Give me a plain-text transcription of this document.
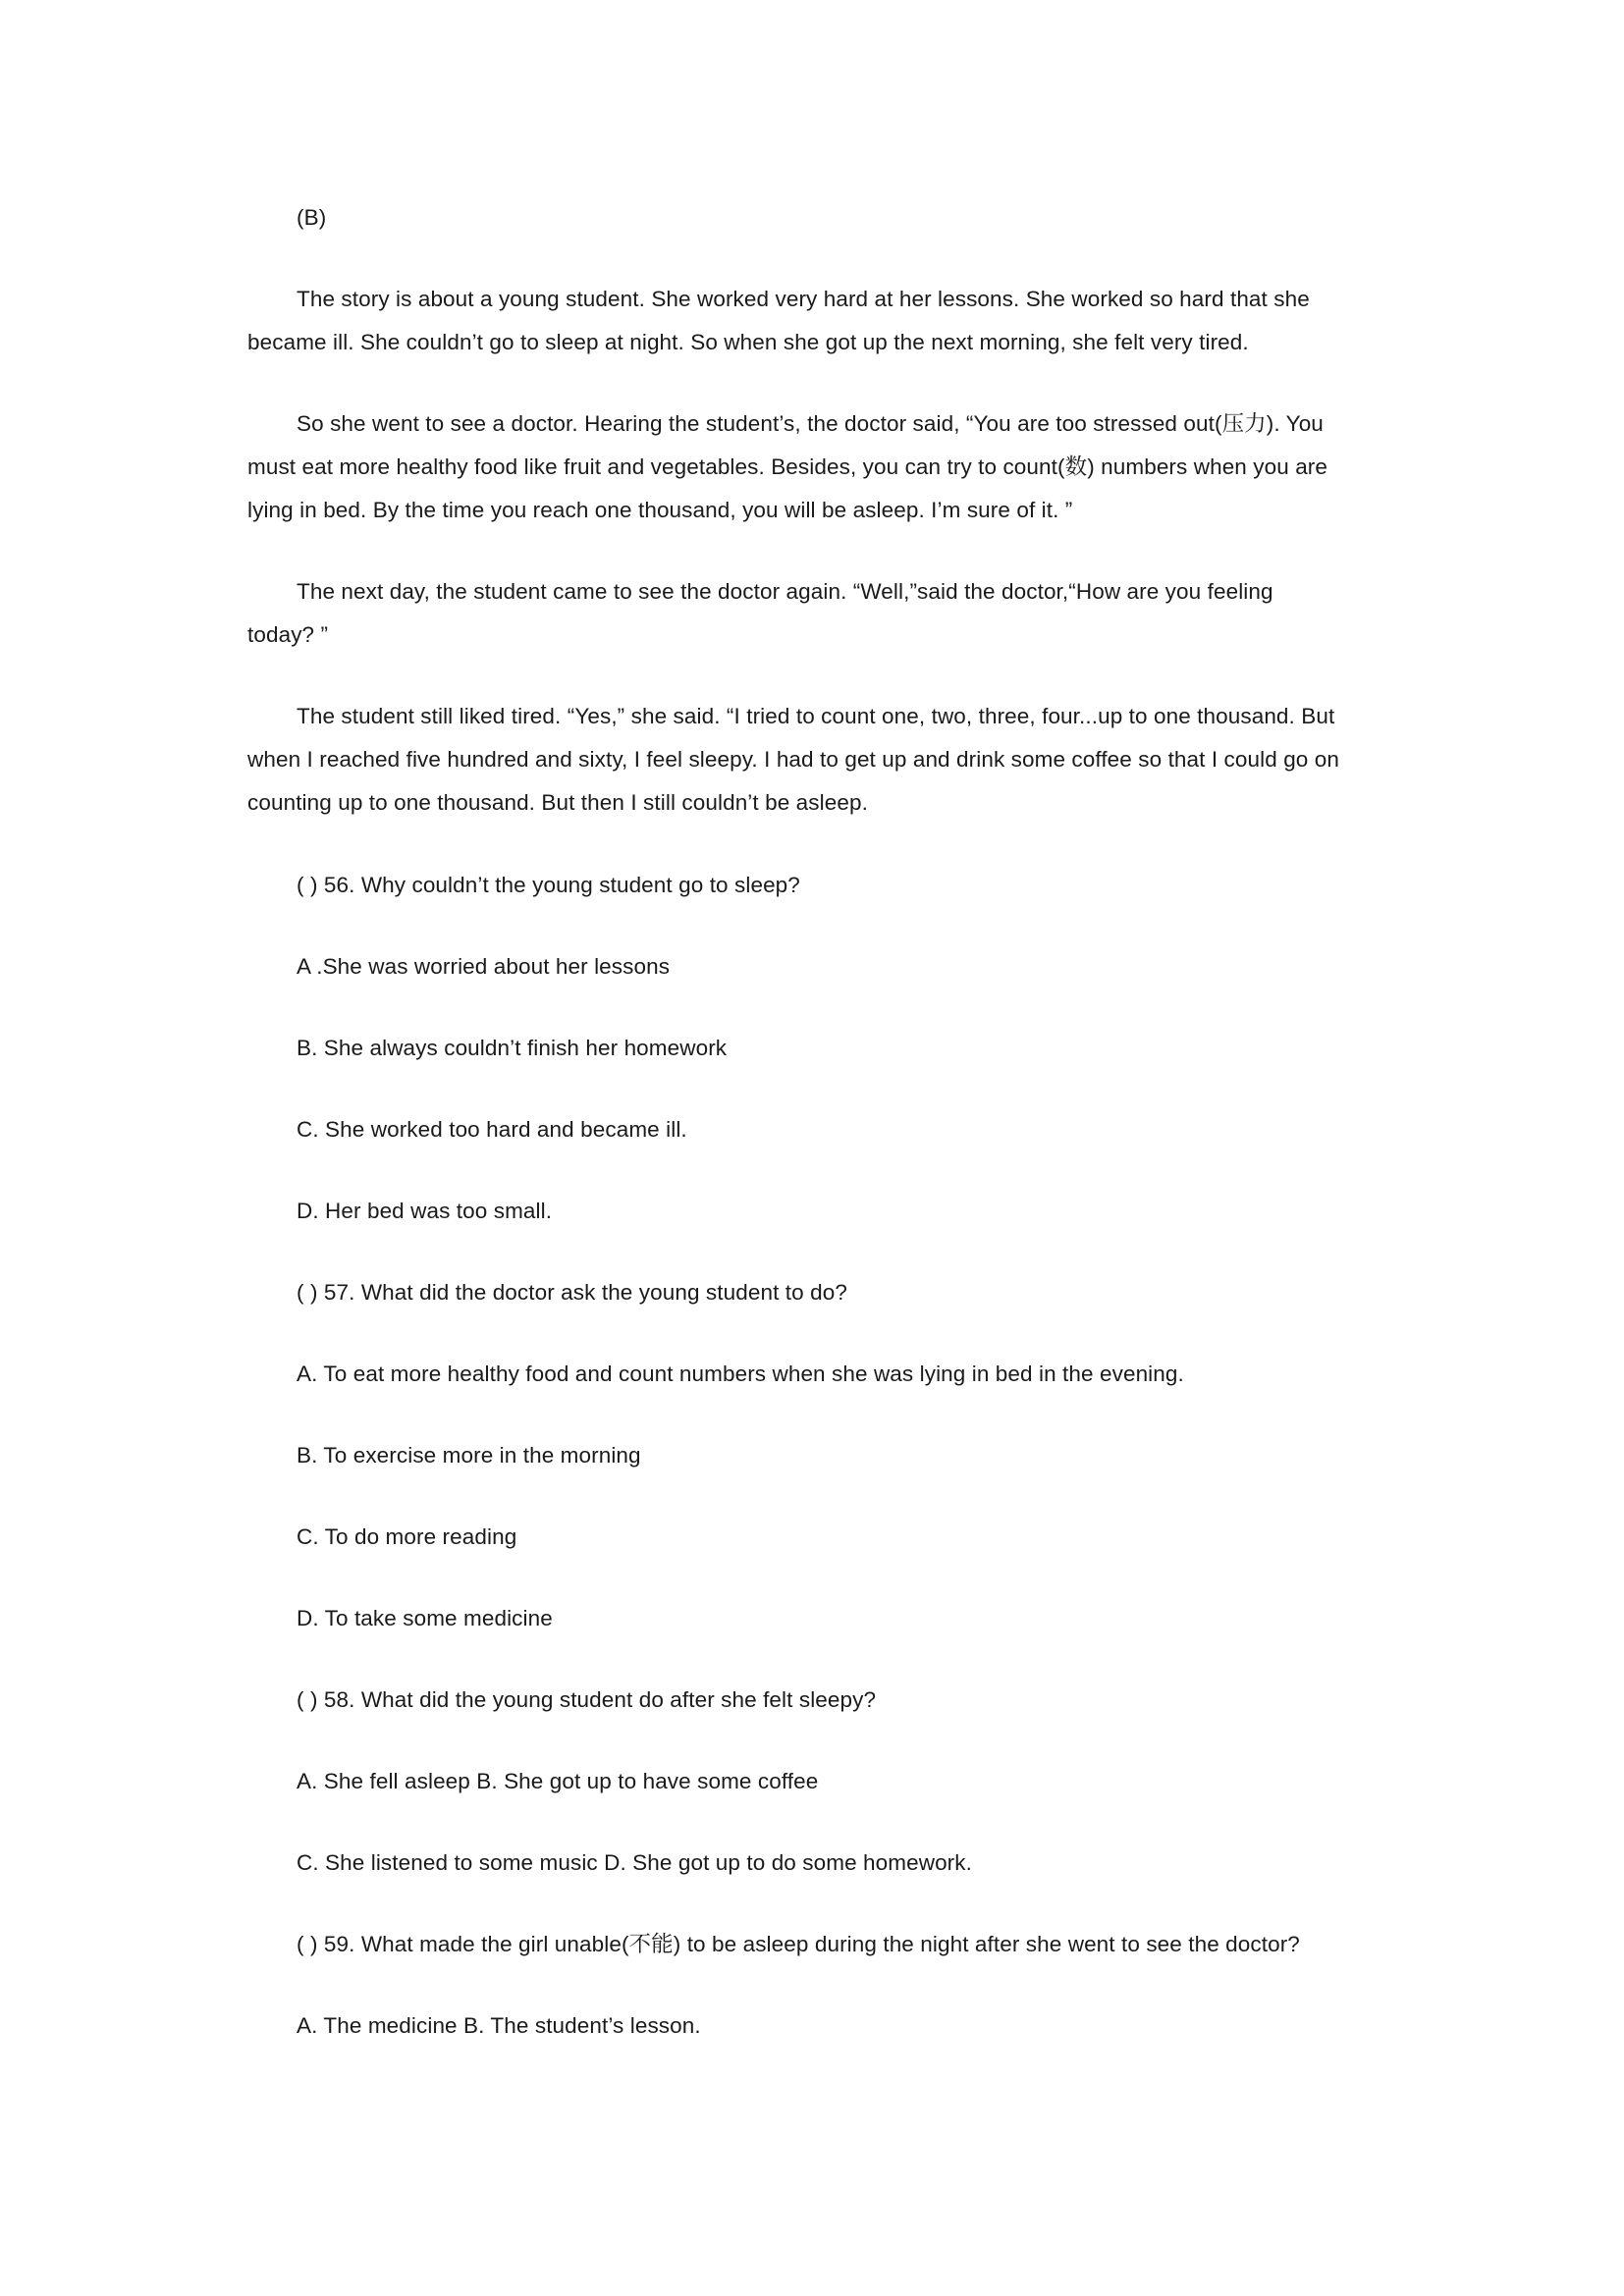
(B)
The story is about a young student. She worked very hard at her lessons. She worked so hard that she
became ill. She couldn’t go to sleep at night. So when she got up the next morning, she felt very tired.
So she went to see a doctor. Hearing the student’s, the doctor said, “You are too stressed out(压力). You
must eat more healthy food like fruit and vegetables. Besides, you can try to count(数) numbers when you are
lying in bed. By the time you reach one thousand, you will be asleep. I’m sure of it. ”
The next day, the student came to see the doctor again. “Well,”said the doctor,“How are you feeling
today? ”
The student still liked tired. “Yes,” she said. “I tried to count one, two, three, four...up to one thousand. But
when I reached five hundred and sixty, I feel sleepy. I had to get up and drink some coffee so that I could go on
counting up to one thousand. But then I still couldn’t be asleep.
( ) 56. Why couldn’t the young student go to sleep?
A .She was worried about her lessons
B. She always couldn’t finish her homework
C. She worked too hard and became ill.
D. Her bed was too small.
( ) 57. What did the doctor ask the young student to do?
A. To eat more healthy food and count numbers when she was lying in bed in the evening.
B. To exercise more in the morning
C. To do more reading
D. To take some medicine
( ) 58. What did the young student do after she felt sleepy?
A. She fell asleep B. She got up to have some coffee
C. She listened to some music D. She got up to do some homework.
( ) 59. What made the girl unable(不能) to be asleep during the night after she went to see the doctor?
A. The medicine B. The student’s lesson.
